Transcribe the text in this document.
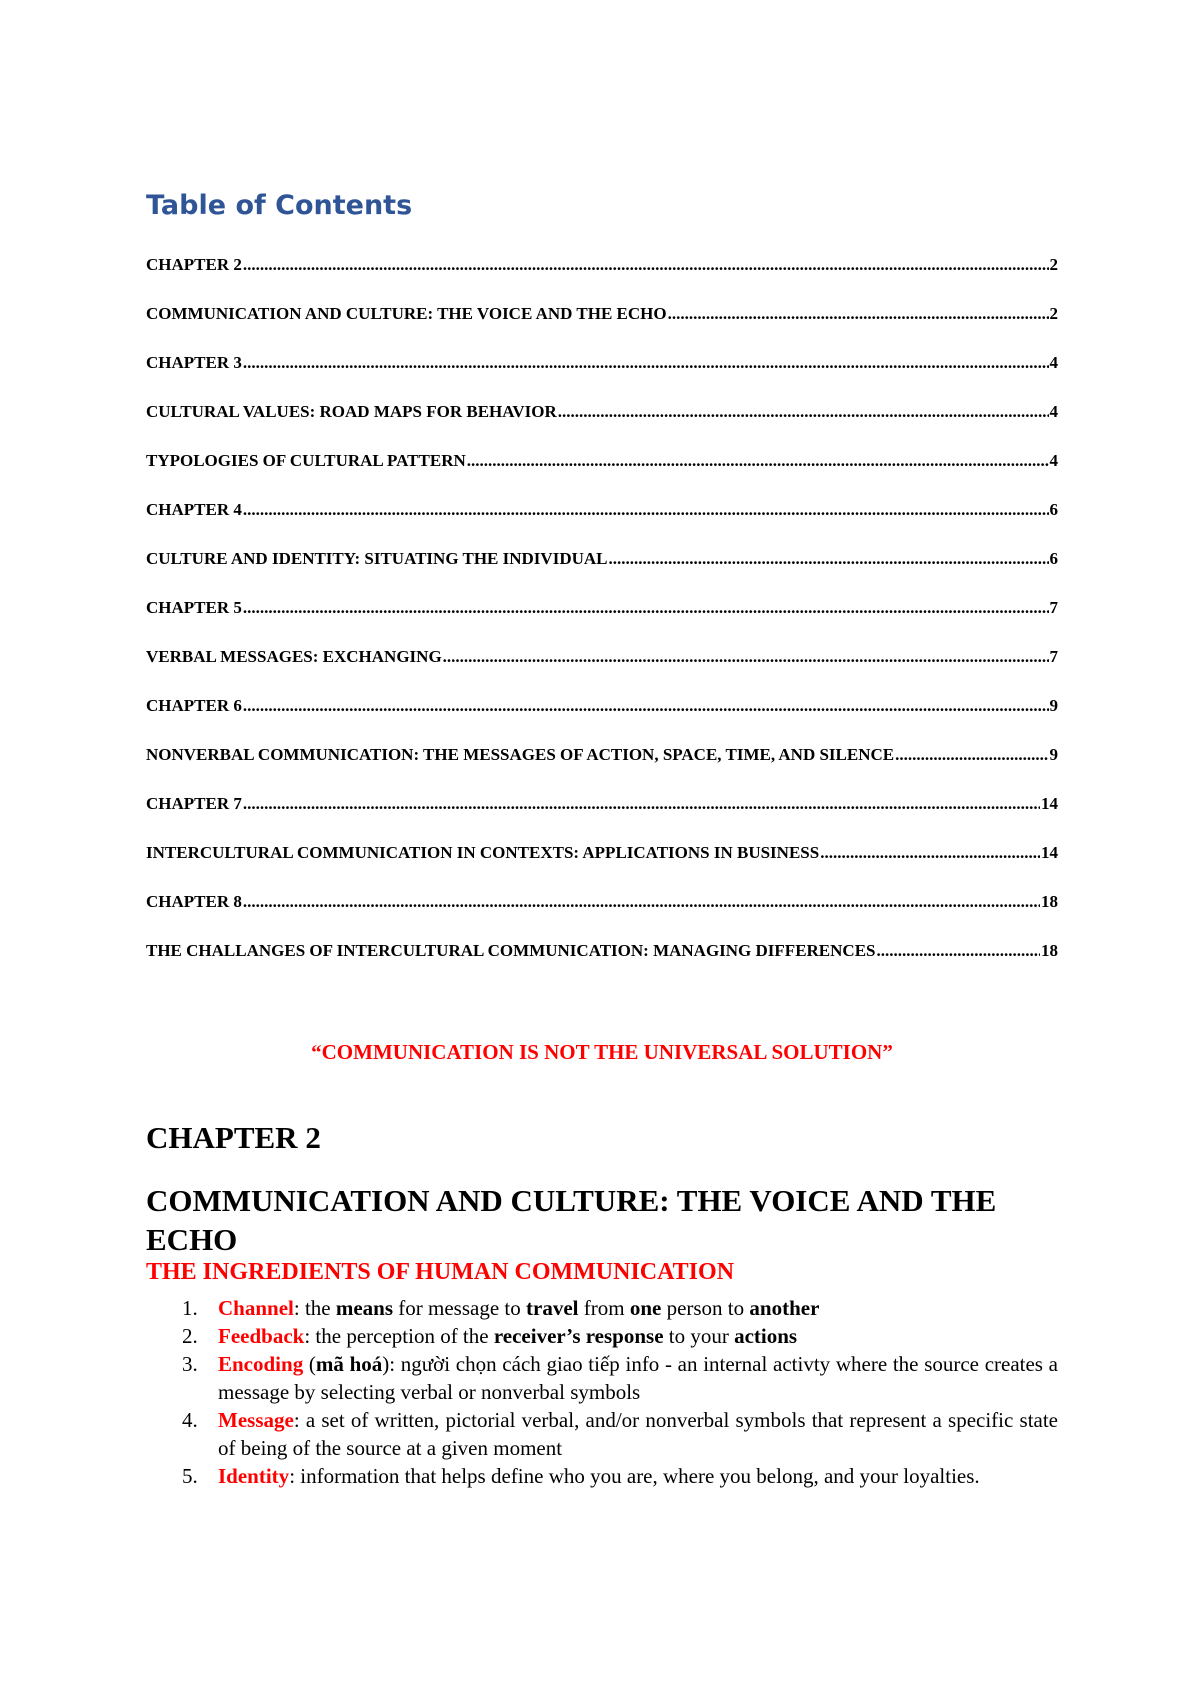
Table of Contents
CHAPTER 2 .....	2
COMMUNICATION AND CULTURE: THE VOICE AND THE ECHO .....	2
CHAPTER 3 .....	4
CULTURAL VALUES: ROAD MAPS FOR BEHAVIOR .....	4
TYPOLOGIES OF CULTURAL PATTERN .....	4
CHAPTER 4 .....	6
CULTURE AND IDENTITY: SITUATING THE INDIVIDUAL .....	6
CHAPTER 5 .....	7
VERBAL MESSAGES: EXCHANGING .....	7
CHAPTER 6 .....	9
NONVERBAL COMMUNICATION: THE MESSAGES OF ACTION, SPACE, TIME, AND SILENCE .....	9
CHAPTER 7 .....	14
INTERCULTURAL COMMUNICATION IN CONTEXTS: APPLICATIONS IN BUSINESS .....	14
CHAPTER 8 .....	18
THE CHALLANGES OF INTERCULTURAL COMMUNICATION: MANAGING DIFFERENCES .....	18

“COMMUNICATION IS NOT THE UNIVERSAL SOLUTION”

CHAPTER 2
COMMUNICATION AND CULTURE: THE VOICE AND THE ECHO
THE INGREDIENTS OF HUMAN COMMUNICATION
1. Channel: the means for message to travel from one person to another
2. Feedback: the perception of the receiver’s response to your actions
3. Encoding (mã hoá): người chọn cách giao tiếp info - an internal activty where the source creates a message by selecting verbal or nonverbal symbols
4. Message: a set of written, pictorial verbal, and/or nonverbal symbols that represent a specific state of being of the source at a given moment
5. Identity: information that helps define who you are, where you belong, and your loyalties.
